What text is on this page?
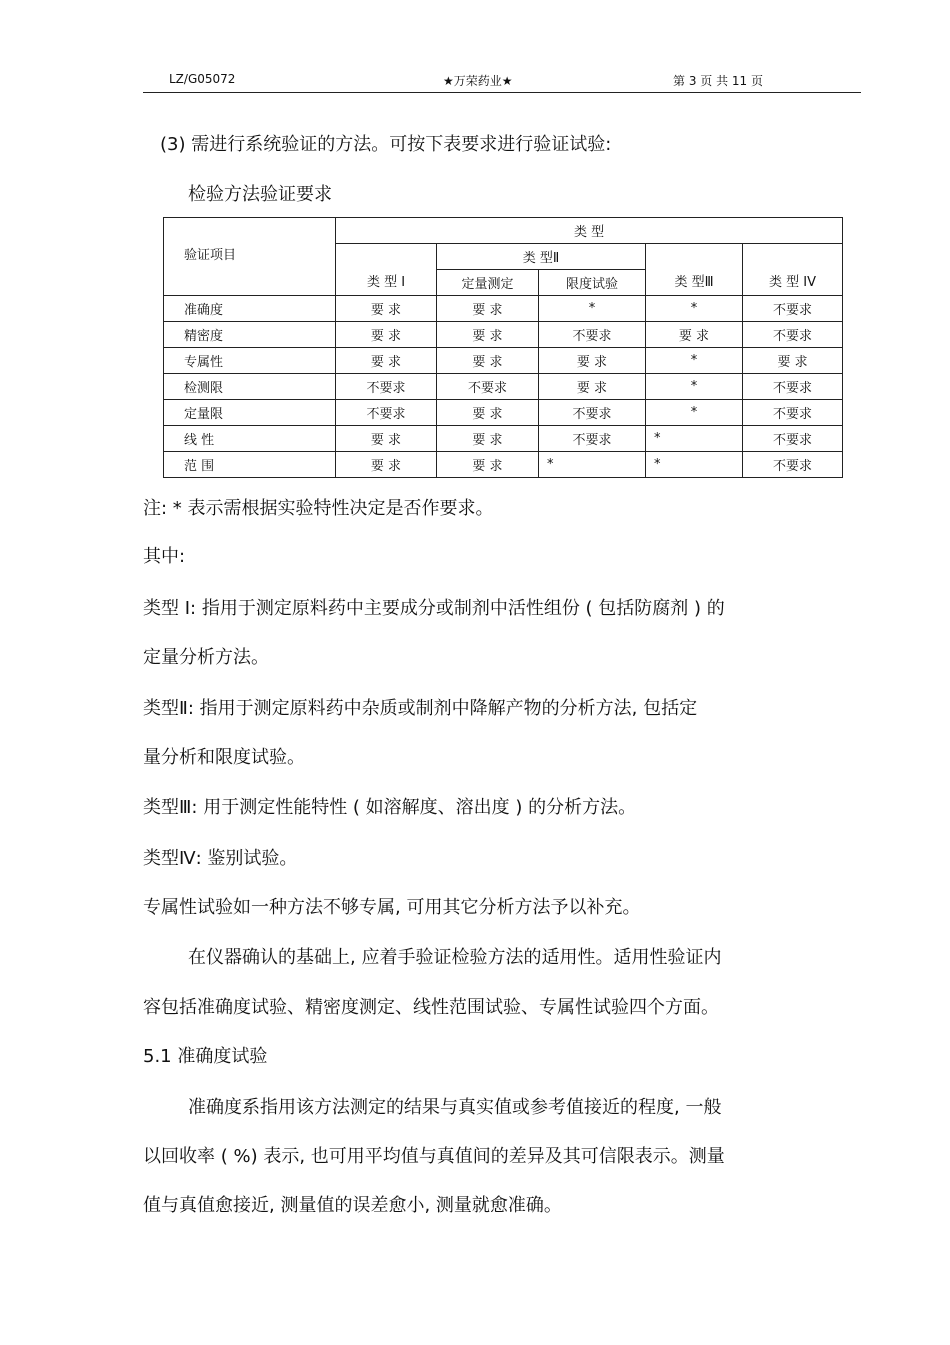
LZ/G05072	★万荣药业★	第 3 页 共 11 页
(3) 需进行系统验证的方法。可按下表要求进行验证试验:
检验方法验证要求
验证项目	类 型				
	类 型 I	类 型Ⅱ		类 型Ⅲ	类 型 IV
		定量测定	限度试验		
准确度	要 求	要 求	*	*	不要求
精密度	要 求	要 求	不要求	要 求	不要求
专属性	要 求	要 求	要 求	*	要 求
检测限	不要求	不要求	要 求	*	不要求
定量限	不要求	要 求	不要求	*	不要求
线 性	要 求	要 求	不要求	*	不要求
范 围	要 求	要 求	*	*	不要求
注: * 表示需根据实验特性决定是否作要求。
其中:
类型 I: 指用于测定原料药中主要成分或制剂中活性组份 ( 包括防腐剂 ) 的
定量分析方法。
类型Ⅱ: 指用于测定原料药中杂质或制剂中降解产物的分析方法, 包括定
量分析和限度试验。
类型Ⅲ: 用于测定性能特性 ( 如溶解度、溶出度 ) 的分析方法。
类型Ⅳ: 鉴别试验。
专属性试验如一种方法不够专属, 可用其它分析方法予以补充。
在仪器确认的基础上, 应着手验证检验方法的适用性。适用性验证内
容包括准确度试验、精密度测定、线性范围试验、专属性试验四个方面。
5.1 准确度试验
准确度系指用该方法测定的结果与真实值或参考值接近的程度, 一般
以回收率 ( %) 表示, 也可用平均值与真值间的差异及其可信限表示。测量
值与真值愈接近, 测量值的误差愈小, 测量就愈准确。
